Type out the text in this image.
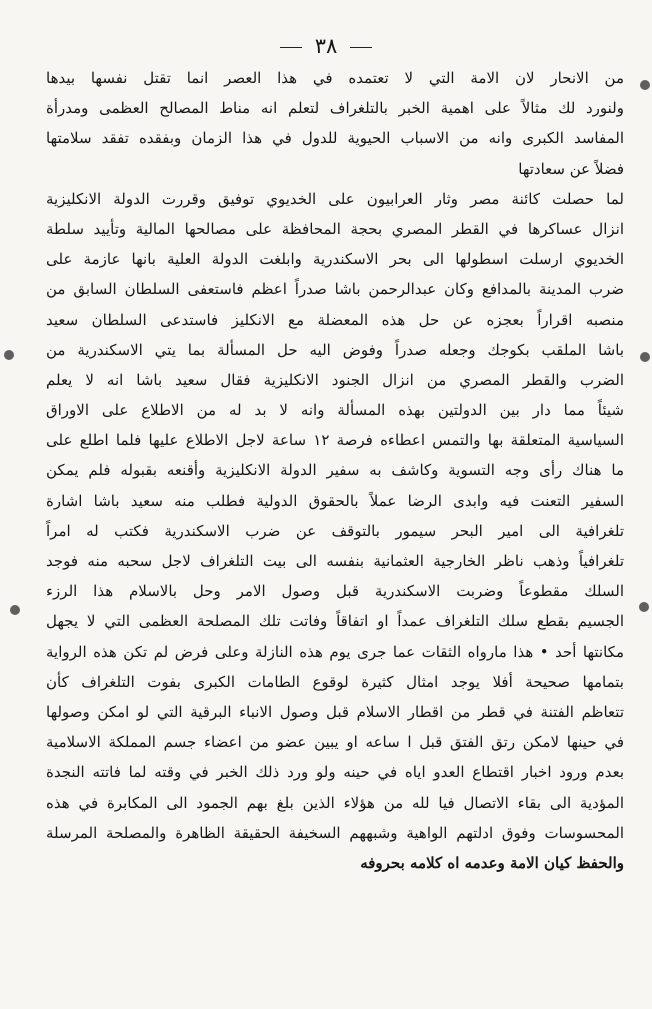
٣٨
من الانحار لان الامة التي لا تعتمده في هذا العصر انما تقتل نفسها بيدها
ولنورد لك مثالاً على اهمية الخبر بالتلغراف لتعلم انه مناط المصالح العظمى ومدرأة
المفاسد الكبرى وانه من الاسباب الحيوية للدول في هذا الزمان وبفقده تفقد سلامتها
فضلاً عن سعادتها
لما حصلت كائنة مصر وثار العرابيون على الخديوي توفيق وقررت الدولة الانكليزية
انزال عساكرها في القطر المصري بحجة المحافظة على مصالحها المالية وتأييد سلطة
الخديوي ارسلت اسطولها الى بحر الاسكندرية وابلغت الدولة العلية بانها عازمة على
ضرب المدينة بالمدافع وكان عبدالرحمن باشا صدراً اعظم فاستعفى السلطان السابق من
منصبه اقراراً بعجزه عن حل هذه المعضلة مع الانكليز فاستدعى السلطان سعيد
باشا الملقب بكوجك وجعله صدراً وفوض اليه حل المسألة بما يتي الاسكندرية من
الضرب والقطر المصري من انزال الجنود الانكليزية فقال سعيد باشا انه لا يعلم
شيئاً مما دار بين الدولتين بهذه المسألة وانه لا بد له من الاطلاع على الاوراق
السياسية المتعلقة بها والتمس اعطاءه فرصة ١٢ ساعة لاجل الاطلاع عليها فلما اطلع على
ما هناك رأى وجه التسوية وكاشف به سفير الدولة الانكليزية وأقنعه بقبوله فلم يمكن
السفير التعنت فيه وابدى الرضا عملاً بالحقوق الدولية فطلب منه سعيد باشا اشارة
تلغرافية الى امير البحر سيمور بالتوقف عن ضرب الاسكندرية فكتب له امراً
تلغرافياً وذهب ناظر الخارجية العثمانية بنفسه الى بيت التلغراف لاجل سحبه منه فوجد
السلك مقطوعاً وضربت الاسكندرية قبل وصول الامر وحل بالاسلام هذا الرزء
الجسيم بقطع سلك التلغراف عمداً او اتفاقاً وفاتت تلك المصلحة العظمى التي لا يجهل
مكانتها أحد • هذا مارواه الثقات عما جرى يوم هذه النازلة وعلى فرض لم تكن هذه الرواية
بتمامها صحيحة أفلا يوجد امثال كثيرة لوقوع الطامات الكبرى بفوت التلغراف كأن
تتعاظم الفتنة في قطر من اقطار الاسلام قبل وصول الانباء البرقية التي لو امكن وصولها
في حينها لامكن رتق الفتق قبل ا ساعه او يبين عضو من اعضاء جسم المملكة الاسلامية
بعدم ورود اخبار اقتطاع العدو اياه في حينه ولو ورد ذلك الخبر في وقته لما فاتته النجدة
المؤدية الى بقاء الاتصال فيا لله من هؤلاء الذين بلغ بهم الجمود الى المكابرة في هذه
المحسوسات وفوق ادلتهم الواهية وشبههم السخيفة الحقيقة الظاهرة والمصلحة المرسلة
والحفظ كيان الامة وعدمه اه كلامه بحروفه
